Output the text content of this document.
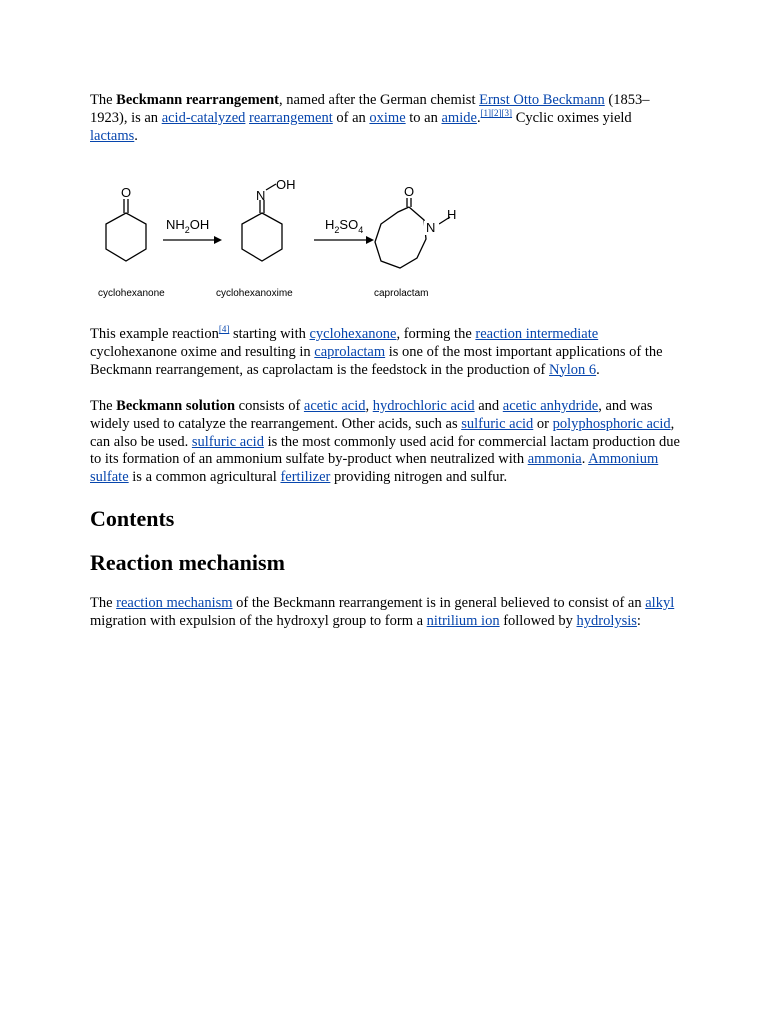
The Beckmann rearrangement, named after the German chemist Ernst Otto Beckmann (1853–1923), is an acid-catalyzed rearrangement of an oxime to an amide.[1][2][3] Cyclic oximes yield lactams.

O	N
OH	O
N
H
$NH_2OH$	$H_2SO_4$
cyclohexanone	cyclohexanoxime	caprolactam

This example reaction[4] starting with cyclohexanone, forming the reaction intermediate cyclohexanone oxime and resulting in caprolactam is one of the most important applications of the Beckmann rearrangement, as caprolactam is the feedstock in the production of Nylon 6.

The Beckmann solution consists of acetic acid, hydrochloric acid and acetic anhydride, and was widely used to catalyze the rearrangement. Other acids, such as sulfuric acid or polyphosphoric acid, can also be used. sulfuric acid is the most commonly used acid for commercial lactam production due to its formation of an ammonium sulfate by-product when neutralized with ammonia. Ammonium sulfate is a common agricultural fertilizer providing nitrogen and sulfur.

Contents
Reaction mechanism

The reaction mechanism of the Beckmann rearrangement is in general believed to consist of an alkyl migration with expulsion of the hydroxyl group to form a nitrilium ion followed by hydrolysis:
